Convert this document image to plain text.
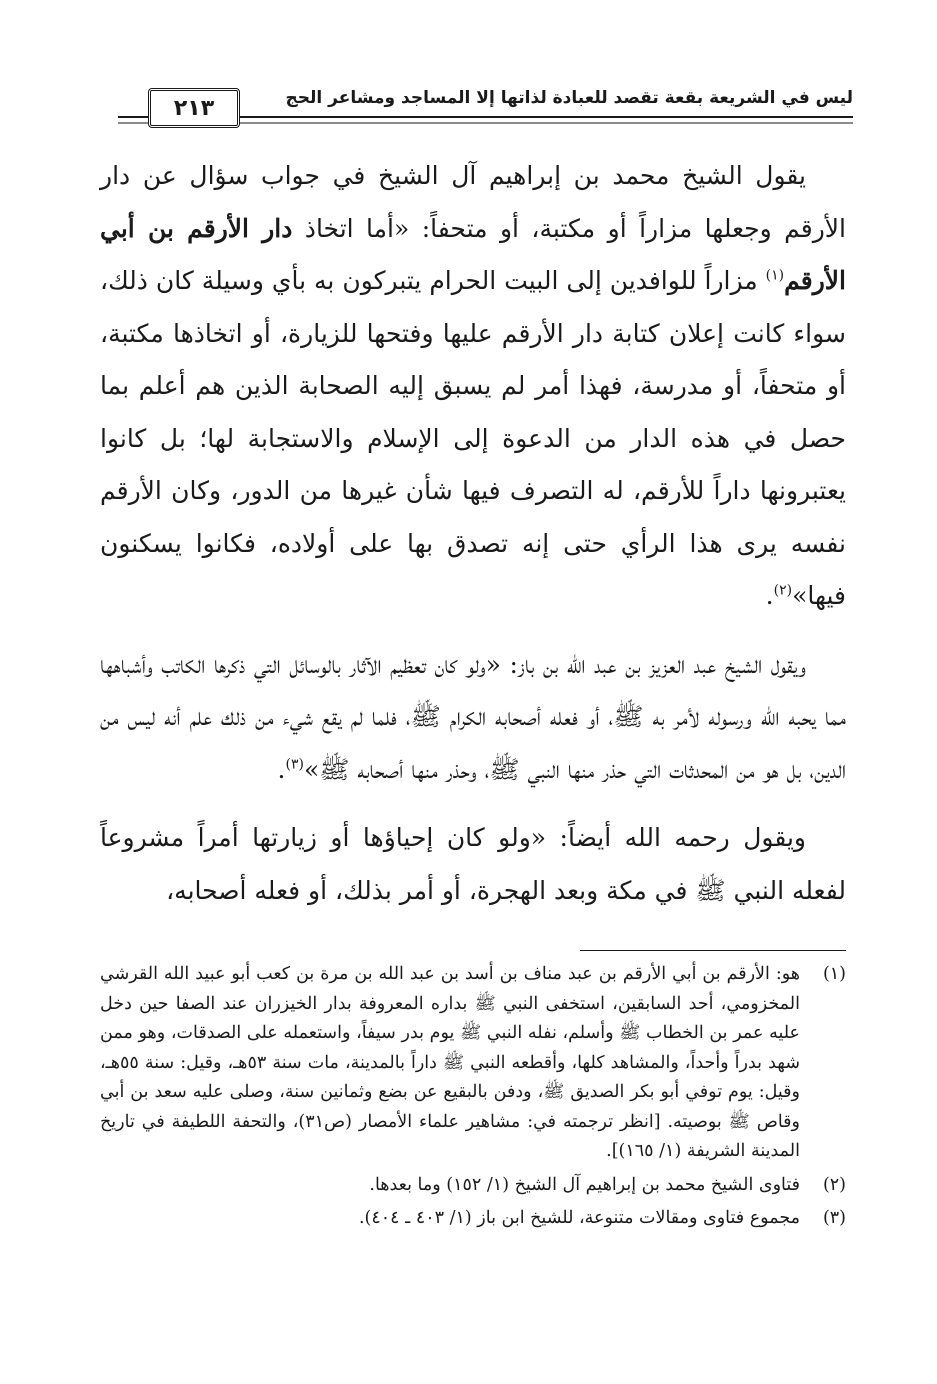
ليس في الشريعة بقعة تقصد للعبادة لذاتها إلا المساجد ومشاعر الحج
٢١٣

يقول الشيخ محمد بن إبراهيم آل الشيخ في جواب سؤال عن دار الأرقم وجعلها مزاراً أو مكتبة، أو متحفاً: «أما اتخاذ دار الأرقم بن أبي الأرقم$^{(١)}$ مزاراً للوافدين إلى البيت الحرام يتبركون به بأي وسيلة كان ذلك، سواء كانت إعلان كتابة دار الأرقم عليها وفتحها للزيارة، أو اتخاذها مكتبة، أو متحفاً، أو مدرسة، فهذا أمر لم يسبق إليه الصحابة الذين هم أعلم بما حصل في هذه الدار من الدعوة إلى الإسلام والاستجابة لها؛ بل كانوا يعتبرونها داراً للأرقم، له التصرف فيها شأن غيرها من الدور، وكان الأرقم نفسه يرى هذا الرأي حتى إنه تصدق بها على أولاده، فكانوا يسكنون فيها»$^{(٢)}$.

ويقول الشيخ عبد العزيز بن عبد الله بن باز: «ولو كان تعظيم الآثار بالوسائل التي ذكرها الكاتب وأشباهها مما يحبه الله ورسوله لأمر به ﷺ، أو فعله أصحابه الكرام ﷺ، فلما لم يقع شيء من ذلك علم أنه ليس من الدين، بل هو من المحدثات التي حذر منها النبي ﷺ، وحذر منها أصحابه ﷺ»$^{(٣)}$.

ويقول رحمه الله أيضاً: «ولو كان إحياؤها أو زيارتها أمراً مشروعاً لفعله النبي ﷺ في مكة وبعد الهجرة، أو أمر بذلك، أو فعله أصحابه،

(١)
هو: الأرقم بن أبي الأرقم بن عبد مناف بن أسد بن عبد الله بن مرة بن كعب أبو عبيد الله القرشي المخزومي، أحد السابقين، استخفى النبي ﷺ بداره المعروفة بدار الخيزران عند الصفا حين دخل عليه عمر بن الخطاب ﷺ وأسلم، نفله النبي ﷺ يوم بدر سيفاً، واستعمله على الصدقات، وهو ممن شهد بدراً وأحداً، والمشاهد كلها، وأقطعه النبي ﷺ داراً بالمدينة، مات سنة ٥٣هـ، وقيل: سنة ٥٥هـ، وقيل: يوم توفي أبو بكر الصديق ﷺ، ودفن بالبقيع عن بضع وثمانين سنة، وصلى عليه سعد بن أبي وقاص ﷺ بوصيته. [انظر ترجمته في: مشاهير علماء الأمصار (ص٣١)، والتحفة اللطيفة في تاريخ المدينة الشريفة (١/ ١٦٥)].
(٢)
فتاوى الشيخ محمد بن إبراهيم آل الشيخ (١/ ١٥٢) وما بعدها.
(٣)
مجموع فتاوى ومقالات متنوعة، للشيخ ابن باز (١/ ٤٠٣ ـ ٤٠٤).
